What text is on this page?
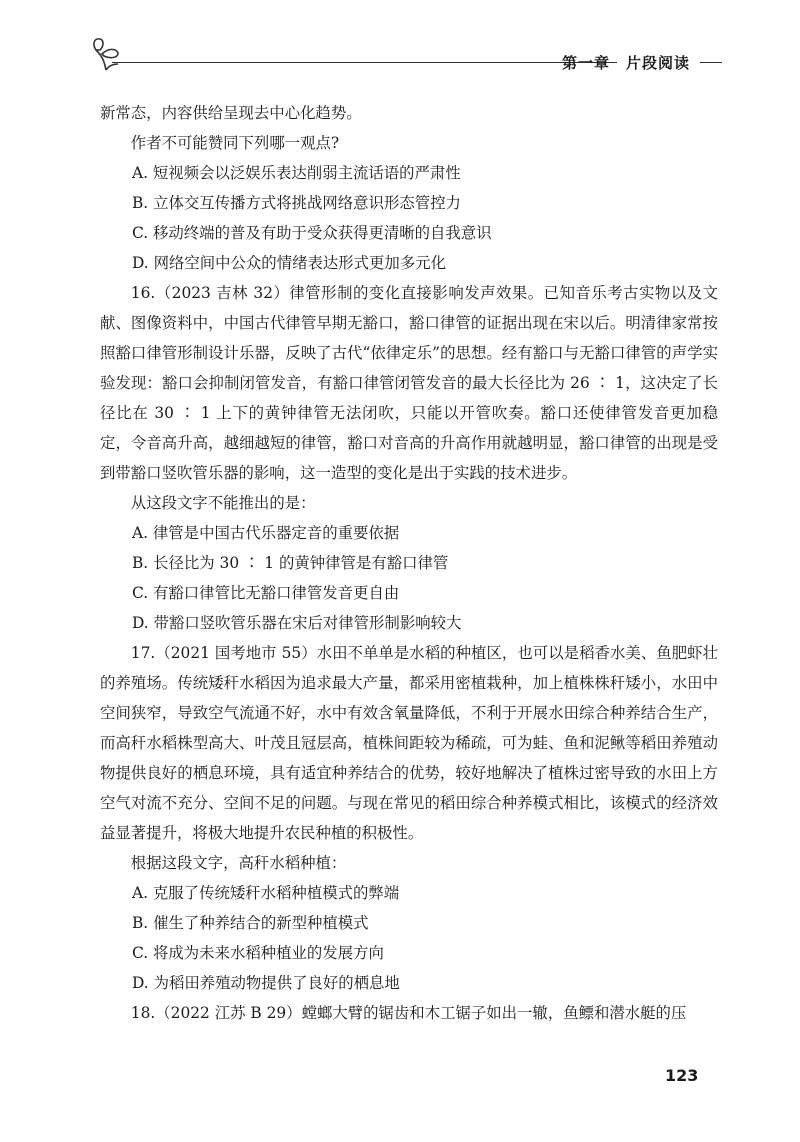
第一章　片段阅读

新常态，内容供给呈现去中心化趋势。

作者不可能赞同下列哪一观点?

A. 短视频会以泛娱乐表达削弱主流话语的严肃性

B. 立体交互传播方式将挑战网络意识形态管控力

C. 移动终端的普及有助于受众获得更清晰的自我意识

D. 网络空间中公众的情绪表达形式更加多元化

16.（2023 吉林 32）律管形制的变化直接影响发声效果。已知音乐考古实物以及文献、图像资料中，中国古代律管早期无豁口，豁口律管的证据出现在宋以后。明清律家常按照豁口律管形制设计乐器，反映了古代“依律定乐”的思想。经有豁口与无豁口律管的声学实验发现：豁口会抑制闭管发音，有豁口律管闭管发音的最大长径比为 26 ∶ 1，这决定了长径比在 30 ∶ 1 上下的黄钟律管无法闭吹，只能以开管吹奏。豁口还使律管发音更加稳定，令音高升高，越细越短的律管，豁口对音高的升高作用就越明显，豁口律管的出现是受到带豁口竖吹管乐器的影响，这一造型的变化是出于实践的技术进步。

从这段文字不能推出的是：

A. 律管是中国古代乐器定音的重要依据

B. 长径比为 30 ∶ 1 的黄钟律管是有豁口律管

C. 有豁口律管比无豁口律管发音更自由

D. 带豁口竖吹管乐器在宋后对律管形制影响较大

17.（2021 国考地市 55）水田不单单是水稻的种植区，也可以是稻香水美、鱼肥虾壮的养殖场。传统矮秆水稻因为追求最大产量，都采用密植栽种，加上植株株秆矮小，水田中空间狭窄，导致空气流通不好，水中有效含氧量降低，不利于开展水田综合种养结合生产，而高秆水稻株型高大、叶茂且冠层高，植株间距较为稀疏，可为蛙、鱼和泥鳅等稻田养殖动物提供良好的栖息环境，具有适宜种养结合的优势，较好地解决了植株过密导致的水田上方空气对流不充分、空间不足的问题。与现在常见的稻田综合种养模式相比，该模式的经济效益显著提升，将极大地提升农民种植的积极性。

根据这段文字，高秆水稻种植：

A. 克服了传统矮秆水稻种植模式的弊端

B. 催生了种养结合的新型种植模式

C. 将成为未来水稻种植业的发展方向

D. 为稻田养殖动物提供了良好的栖息地

18.（2022 江苏 B 29）螳螂大臂的锯齿和木工锯子如出一辙，鱼鳔和潜水艇的压

123
